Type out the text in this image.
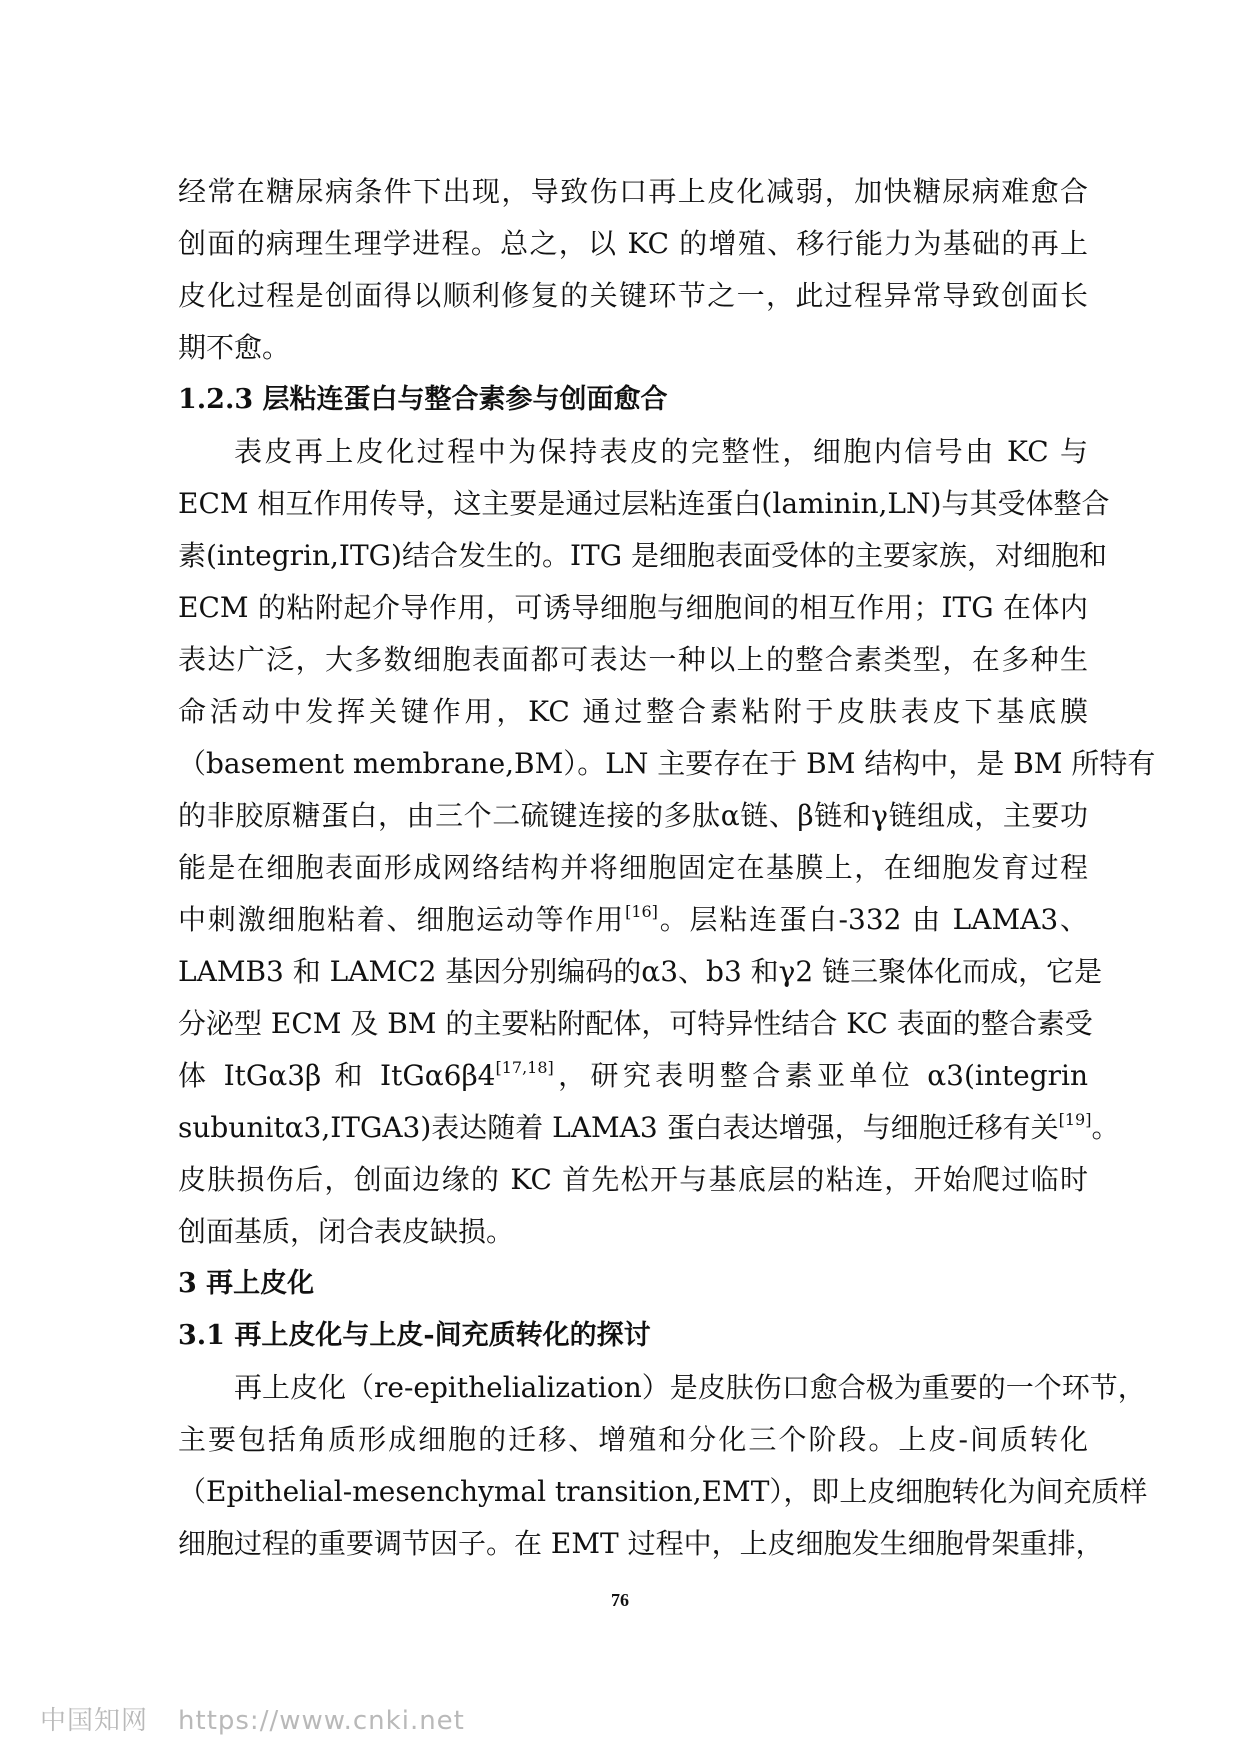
经常在糖尿病条件下出现，导致伤口再上皮化减弱，加快糖尿病难愈合
创面的病理生理学进程。总之，以 KC 的增殖、移行能力为基础的再上
皮化过程是创面得以顺利修复的关键环节之一，此过程异常导致创面长
期不愈。
1.2.3 层粘连蛋白与整合素参与创面愈合
表皮再上皮化过程中为保持表皮的完整性，细胞内信号由 KC 与
ECM 相互作用传导，这主要是通过层粘连蛋白(laminin,LN)与其受体整合
素(integrin,ITG)结合发生的。ITG 是细胞表面受体的主要家族，对细胞和
ECM 的粘附起介导作用，可诱导细胞与细胞间的相互作用；ITG 在体内
表达广泛，大多数细胞表面都可表达一种以上的整合素类型，在多种生
命活动中发挥关键作用，KC 通过整合素粘附于皮肤表皮下基底膜
（basement membrane,BM）。LN 主要存在于 BM 结构中，是 BM 所特有
的非胶原糖蛋白，由三个二硫键连接的多肽α链、β链和γ链组成，主要功
能是在细胞表面形成网络结构并将细胞固定在基膜上，在细胞发育过程
中刺激细胞粘着、细胞运动等作用[16]。层粘连蛋白-332 由 LAMA3、
LAMB3 和 LAMC2 基因分别编码的α3、b3 和γ2 链三聚体化而成，它是
分泌型 ECM 及 BM 的主要粘附配体，可特异性结合 KC 表面的整合素受
体 ItGα3β 和 ItGα6β4[17,18]，研究表明整合素亚单位 α3(integrin
subunitα3,ITGA3)表达随着 LAMA3 蛋白表达增强，与细胞迁移有关[19]。
皮肤损伤后，创面边缘的 KC 首先松开与基底层的粘连，开始爬过临时
创面基质，闭合表皮缺损。
3 再上皮化
3.1 再上皮化与上皮-间充质转化的探讨
再上皮化（re-epithelialization）是皮肤伤口愈合极为重要的一个环节，
主要包括角质形成细胞的迁移、增殖和分化三个阶段。上皮-间质转化
（Epithelial-mesenchymal transition,EMT），即上皮细胞转化为间充质样
细胞过程的重要调节因子。在 EMT 过程中，上皮细胞发生细胞骨架重排，
76
中国知网 https://www.cnki.net
